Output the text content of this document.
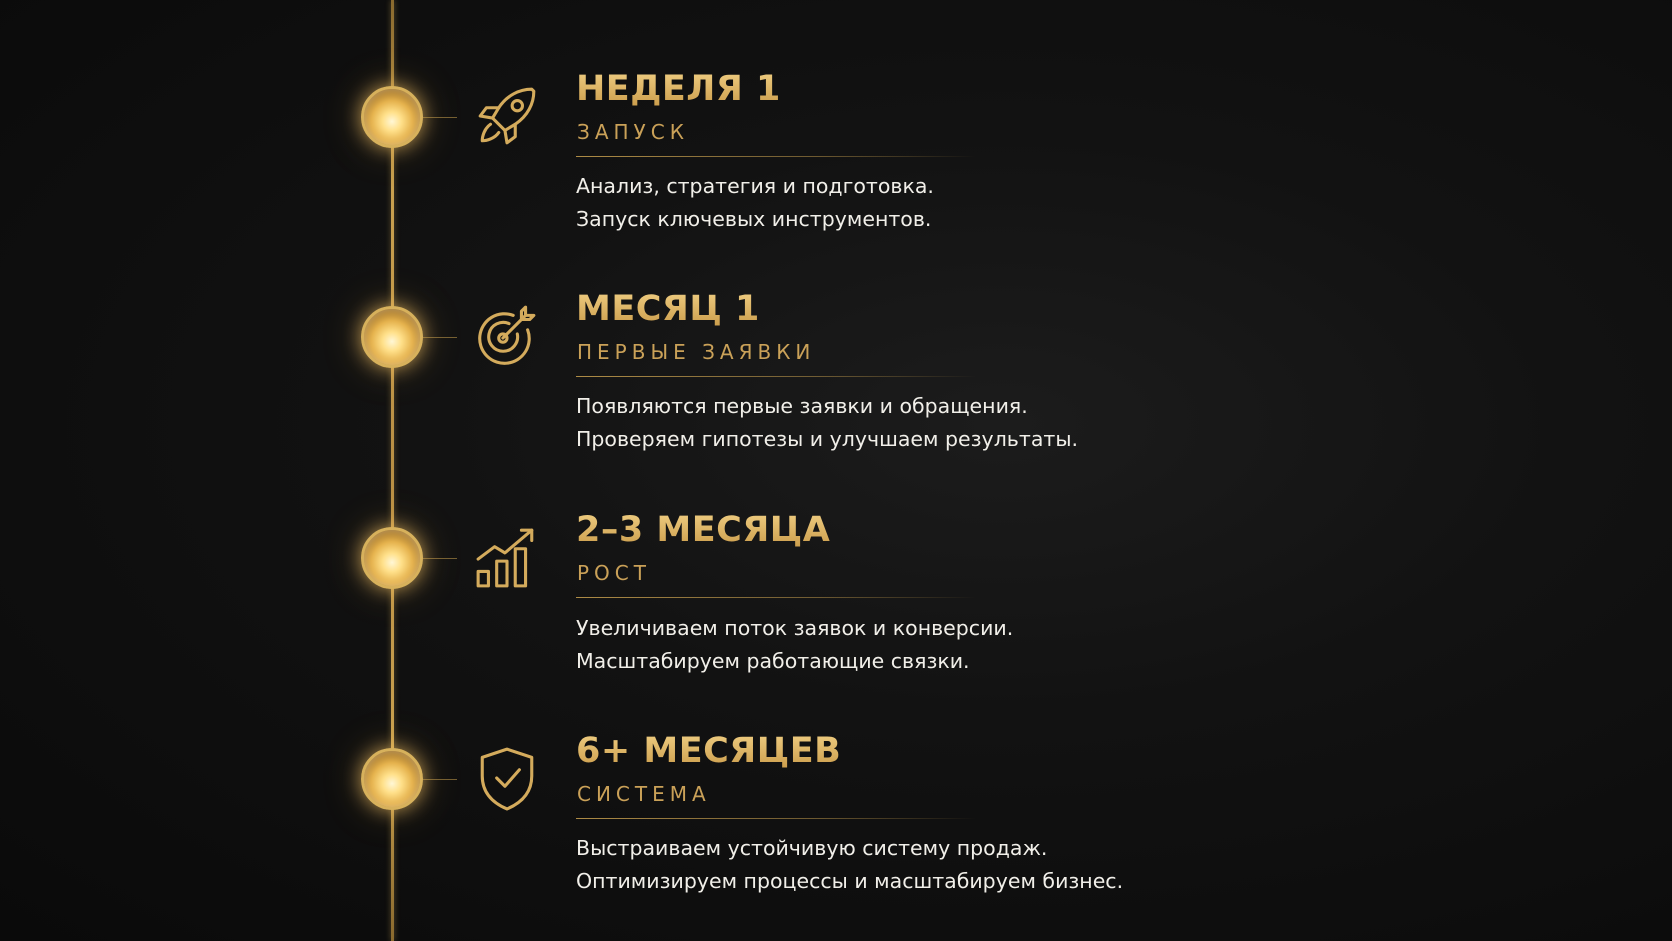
НЕДЕЛЯ 1
ЗАПУСК
Анализ, стратегия и подготовка.
Запуск ключевых инструментов.
МЕСЯЦ 1
ПЕРВЫЕ ЗАЯВКИ
Появляются первые заявки и обращения.
Проверяем гипотезы и улучшаем результаты.
2–3 МЕСЯЦА
РОСТ
Увеличиваем поток заявок и конверсии.
Масштабируем работающие связки.
6+ МЕСЯЦЕВ
СИСТЕМА
Выстраиваем устойчивую систему продаж.
Оптимизируем процессы и масштабируем бизнес.
